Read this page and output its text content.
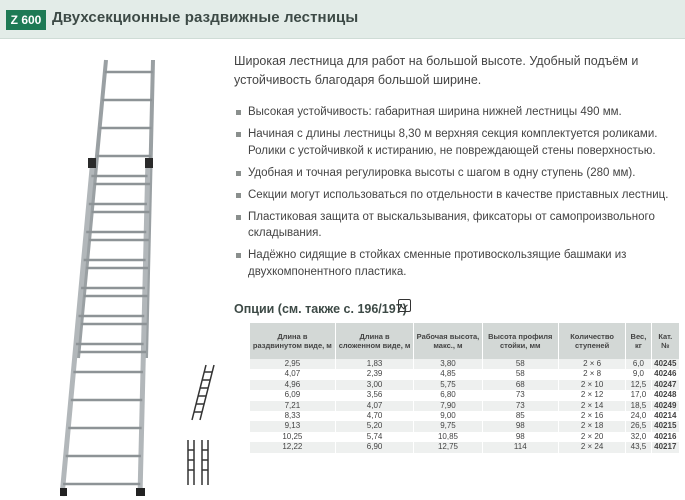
Z 600 Двухсекционные раздвижные лестницы
Широкая лестница для работ на большой высоте. Удобный подъём и устойчивость благодаря большой ширине.
Высокая устойчивость: габаритная ширина нижней лестницы 490 мм.
Начиная с длины лестницы 8,30 м верхняя секция комплектуется роликами. Ролики с устойчивкой к истиранию, не повреждающей стены поверхностью.
Удобная и точная регулировка высоты с шагом в одну ступень (280 мм).
Секции могут использоваться по отдельности в качестве приставных лестниц.
Пластиковая защита от выскальзывания, фиксаторы от самопроизвольного складывания.
Надёжно сидящие в стойках сменные противоскользящие башмаки из двухкомпонентного пластика.
Опции (см. также с. 196/197)
Длина в раздвинутом виде, м	Длина в сложенном виде, м	Рабочая высота, макс., м	Высота профиля стойки, мм	Количество ступеней	Вес, кг	Кат. №
2,95	1,83	3,80	58	2 × 6	6,0	40245
4,07	2,39	4,85	58	2 × 8	9,0	40246
4,96	3,00	5,75	68	2 × 10	12,5	40247
6,09	3,56	6,80	73	2 × 12	17,0	40248
7,21	4,07	7,90	73	2 × 14	18,5	40249
8,33	4,70	9,00	85	2 × 16	24,0	40214
9,13	5,20	9,75	98	2 × 18	26,5	40215
10,25	5,74	10,85	98	2 × 20	32,0	40216
12,22	6,90	12,75	114	2 × 24	43,5	40217
